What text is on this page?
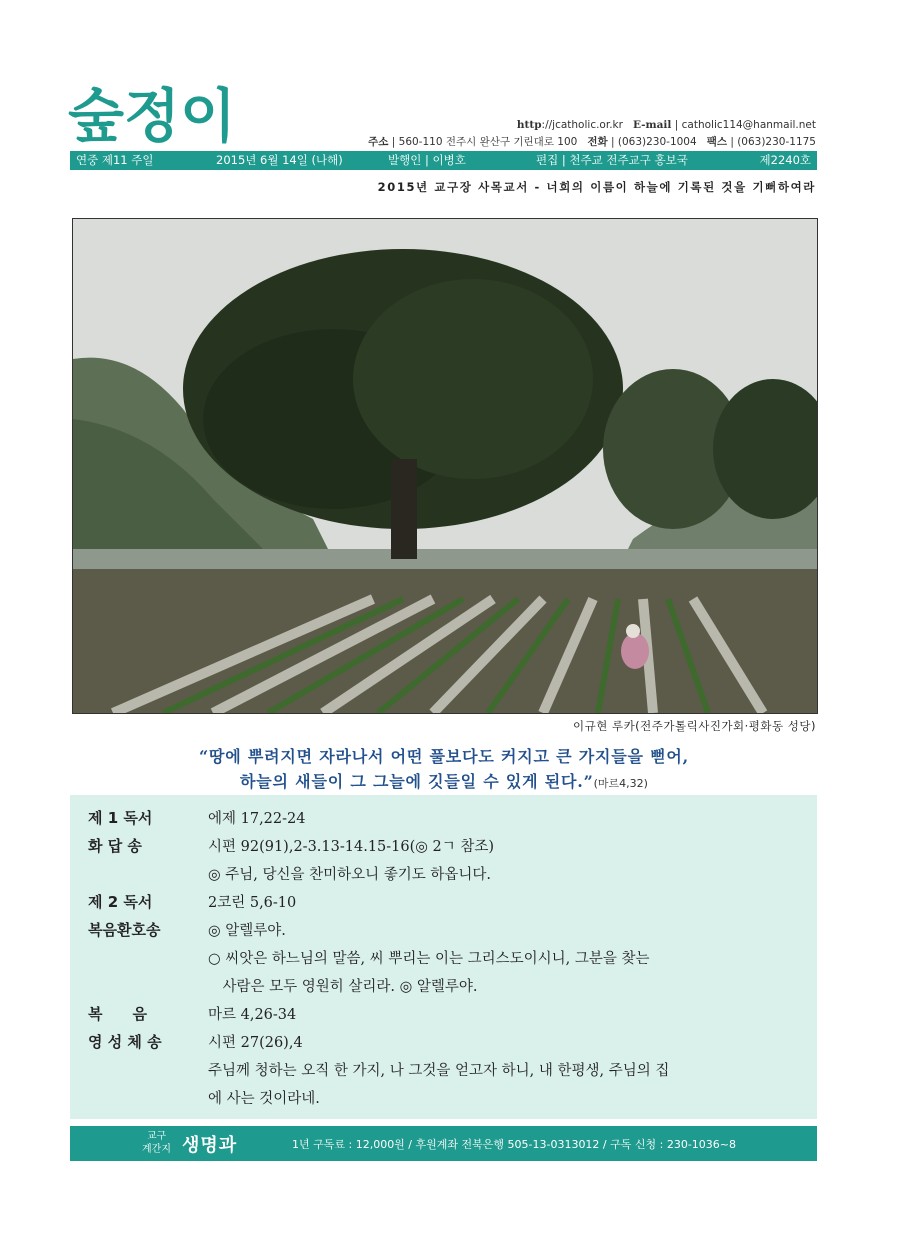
숲정이	http://jcatholic.or.kr E-mail | catholic114@hanmail.net
주소 | 560-110 전주시 완산구 기린대로 100 전화 | (063)230-1004 팩스 | (063)230-1175
연중 제11 주일	2015년 6월 14일 (나해)	발행인 | 이병호	편집 | 천주교 전주교구 홍보국	제2240호
2015년 교구장 사목교서 - 너희의 이름이 하늘에 기록된 것을 기뻐하여라
이규현 루카(전주가톨릭사진가회·평화동 성당)
“땅에 뿌려지면 자라나서 어떤 풀보다도 커지고 큰 가지들을 뻗어,
하늘의 새들이 그 그늘에 깃들일 수 있게 된다.”(마르4,32)
제 1 독서	에제 17,22-24
화 답 송	시편 92(91),2-3.13-14.15-16(◎ 2ㄱ 참조)
◎ 주님, 당신을 찬미하오니 좋기도 하옵니다.
제 2 독서	2코린 5,6-10
복음환호송	◎ 알렐루야.
○ 씨앗은 하느님의 말씀, 씨 뿌리는 이는 그리스도이시니, 그분을 찾는
　사람은 모두 영원히 살리라. ◎ 알렐루야.
복　　음	마르 4,26-34
영 성 체 송	시편 27(26),4
주님께 청하는 오직 한 가지, 나 그것을 얻고자 하니, 내 한평생, 주님의 집
에 사는 것이라네.
교구
계간지 생명과	1년 구독료 : 12,000원 / 후원계좌 전북은행 505-13-0313012 / 구독 신청 : 230-1036~8
